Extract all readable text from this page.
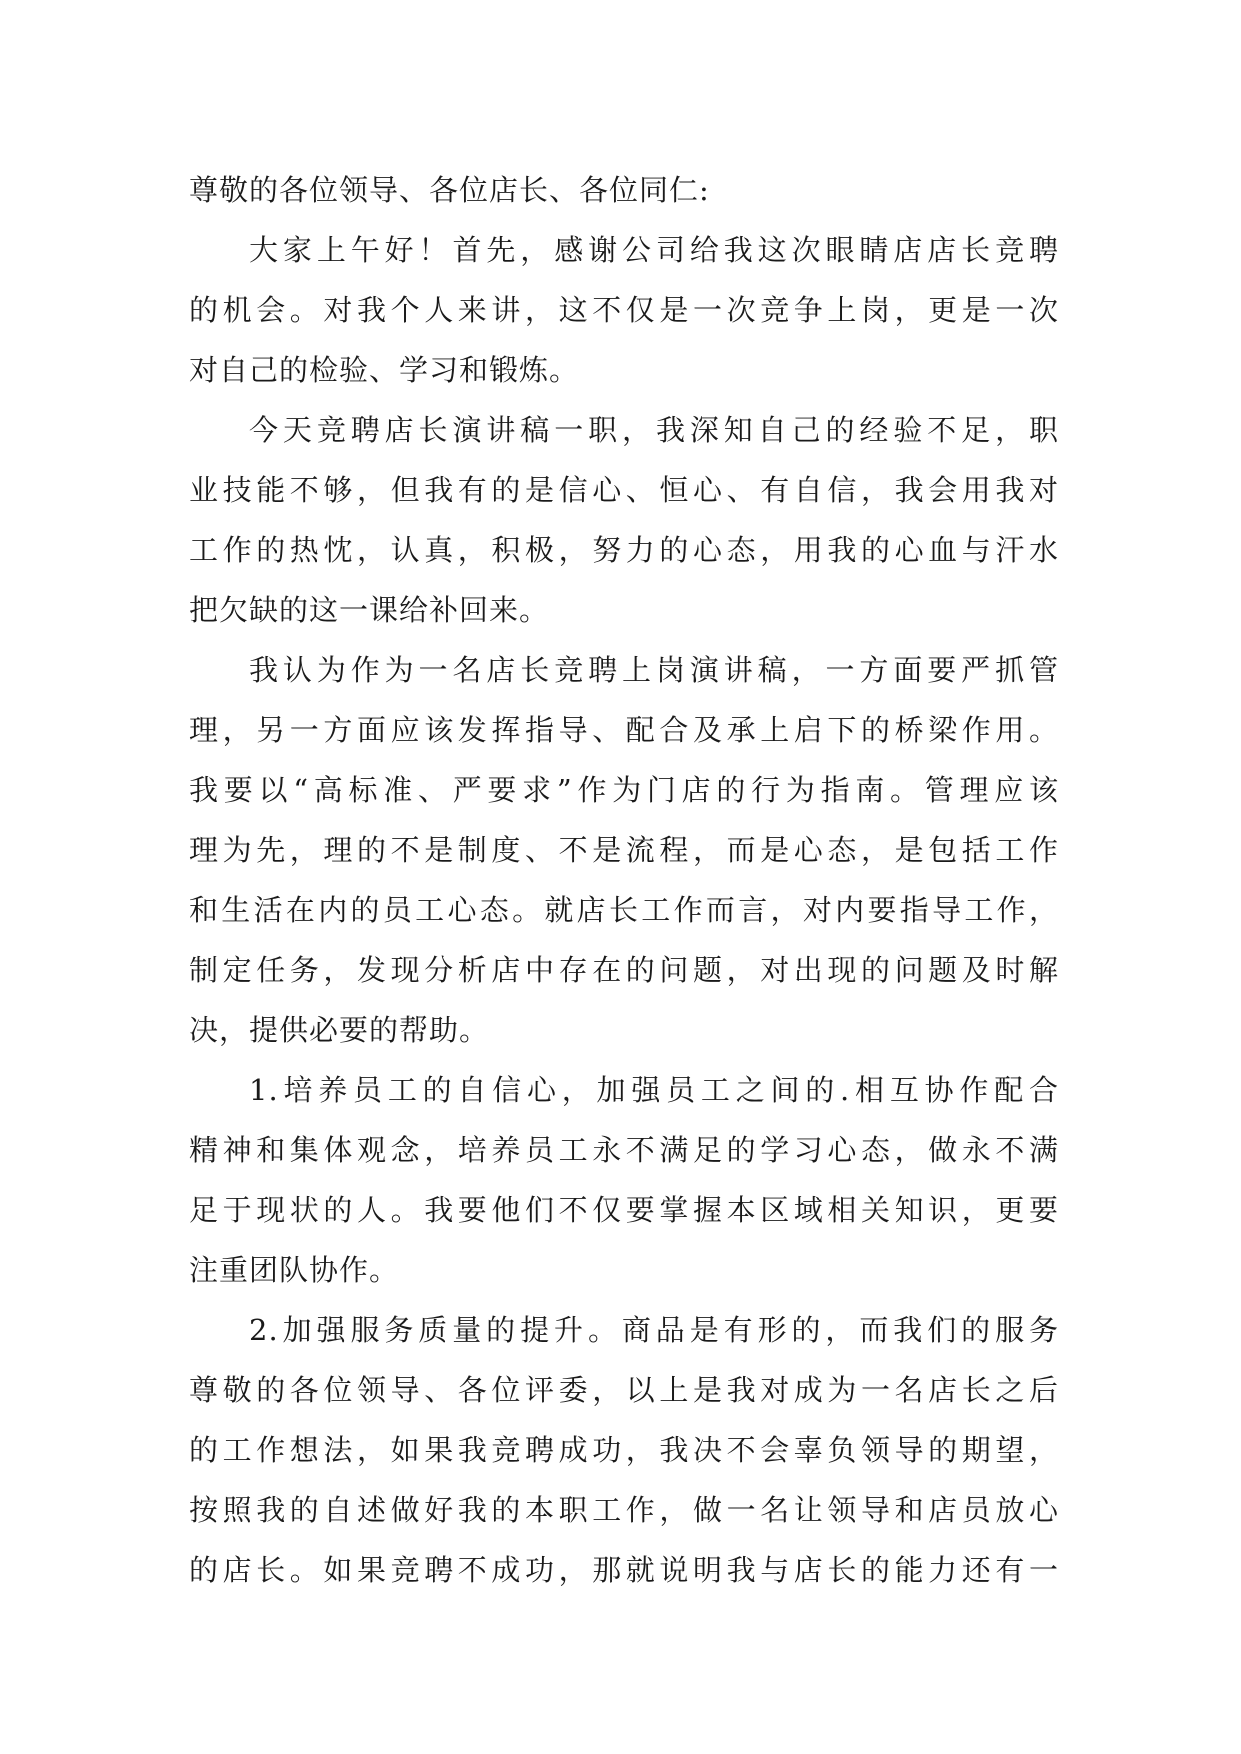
尊敬的各位领导、各位店长、各位同仁:
大家上午好！首先，感谢公司给我这次眼睛店店长竞聘
的机会。对我个人来讲，这不仅是一次竞争上岗，更是一次
对自己的检验、学习和锻炼。
今天竞聘店长演讲稿一职，我深知自己的经验不足，职
业技能不够，但我有的是信心、恒心、有自信，我会用我对
工作的热忱，认真，积极，努力的心态，用我的心血与汗水
把欠缺的这一课给补回来。
我认为作为一名店长竞聘上岗演讲稿，一方面要严抓管
理，另一方面应该发挥指导、配合及承上启下的桥梁作用。
我要以“高标准、严要求”作为门店的行为指南。管理应该
理为先，理的不是制度、不是流程，而是心态，是包括工作
和生活在内的员工心态。就店长工作而言，对内要指导工作，
制定任务，发现分析店中存在的问题，对出现的问题及时解
决，提供必要的帮助。
1.培养员工的自信心，加强员工之间的.相互协作配合
精神和集体观念，培养员工永不满足的学习心态，做永不满
足于现状的人。我要他们不仅要掌握本区域相关知识，更要
注重团队协作。
2.加强服务质量的提升。商品是有形的，而我们的服务
尊敬的各位领导、各位评委，以上是我对成为一名店长之后
的工作想法，如果我竞聘成功，我决不会辜负领导的期望，
按照我的自述做好我的本职工作，做一名让领导和店员放心
的店长。如果竞聘不成功，那就说明我与店长的能力还有一
